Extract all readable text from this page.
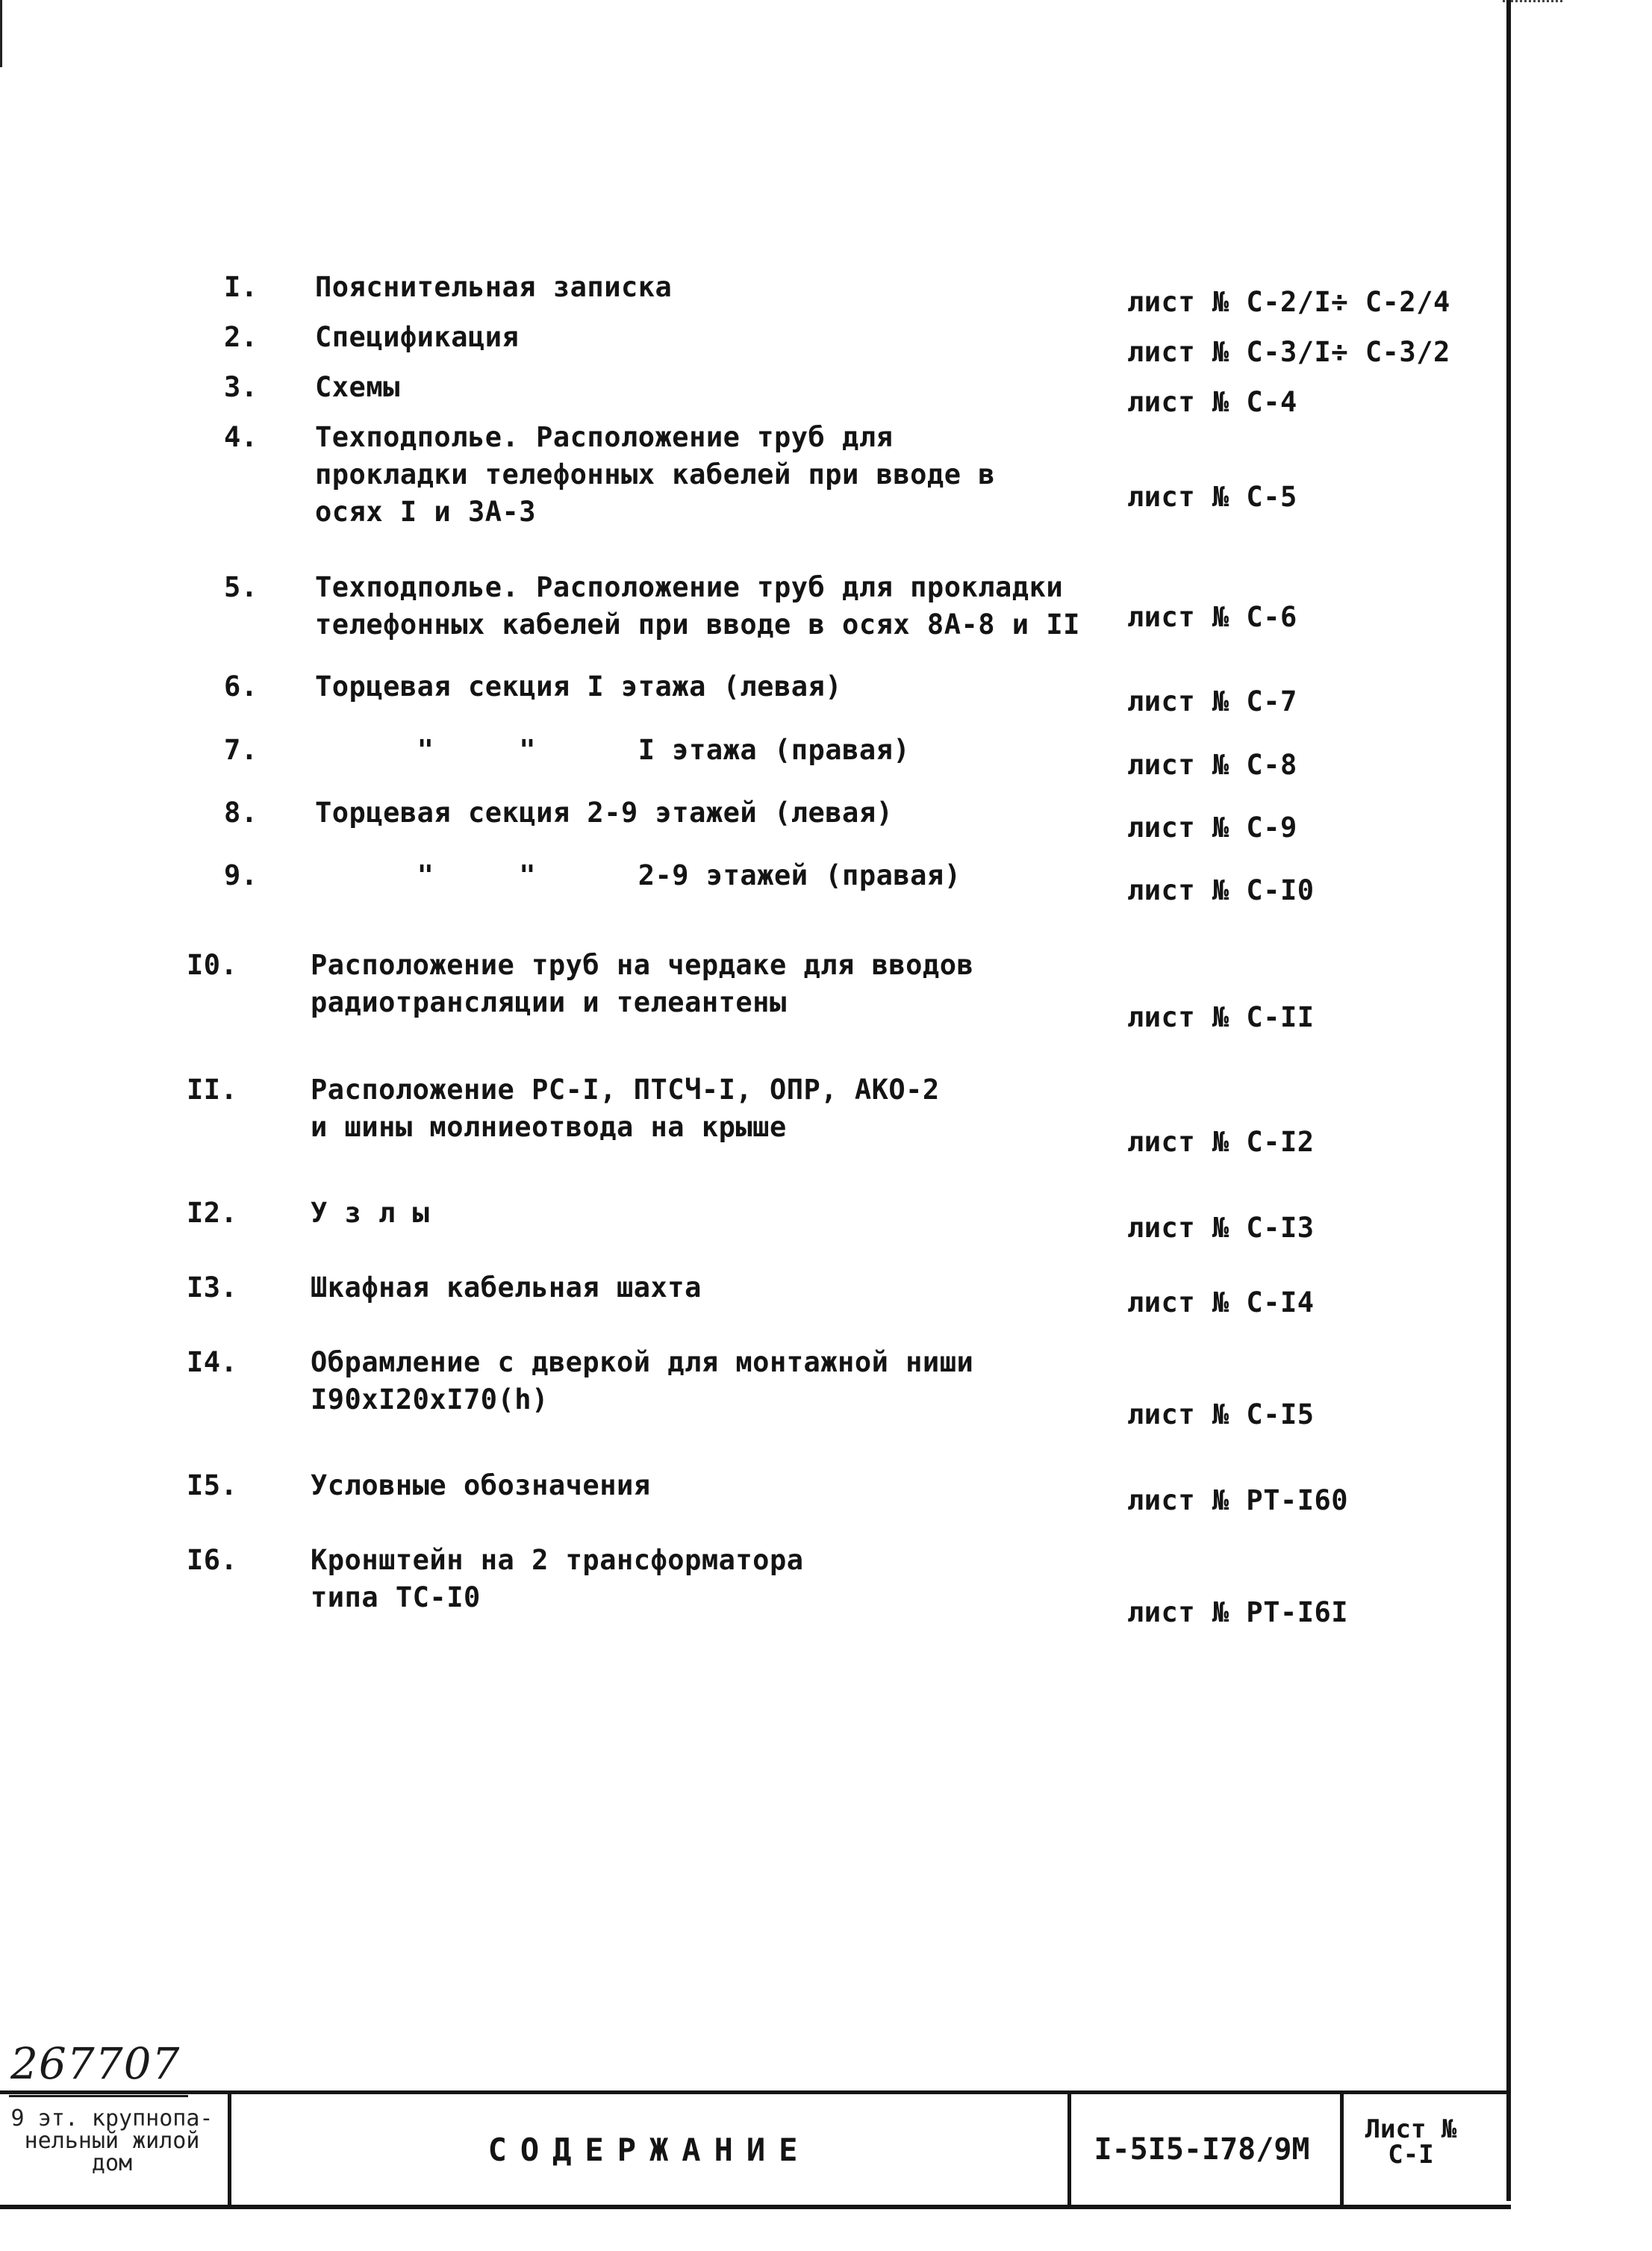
I. Пояснительная записка	лист № С-2/I÷ С-2/4
2. Спецификация	лист № С-3/I÷ С-3/2
3. Схемы	лист № С-4
4. Техподполье. Расположение труб для
прокладки телефонных кабелей при вводе в
осях I и 3А-3	лист № С-5
5. Техподполье. Расположение труб для прокладки
телефонных кабелей при вводе в осях 8А-8 и II лист № С-6
6. Торцевая секция I этажа (левая)	лист № С-7
7. "     "      I этажа (правая)	лист № С-8
8. Торцевая секция 2-9 этажей (левая)	лист № С-9
9. "     "      2-9 этажей (правая)	лист № С-I0
I0.	Расположение труб на чердаке для вводов
радиотрансляции и телеантены	лист № С-II
II.	Расположение РС-I, ПТСЧ-I, ОПР, АКО-2
и шины молниеотвода на крыше	лист № С-I2
I2.	У з л ы	лист № С-I3
I3.	Шкафная кабельная шахта	лист № С-I4
I4.	Обрамление с дверкой для монтажной ниши
I90хI20хI70(h)	лист № С-I5
I5.	Условные обозначения	лист № РТ-I60
I6.	Кронштейн на 2 трансформатора
типа ТС-I0	лист № РТ-I6I
267707
9 эт. крупнопа-
нельный жилой
дом	СОДЕРЖАНИЕ	I-5I5-I78/9М
Лист №
С-I
